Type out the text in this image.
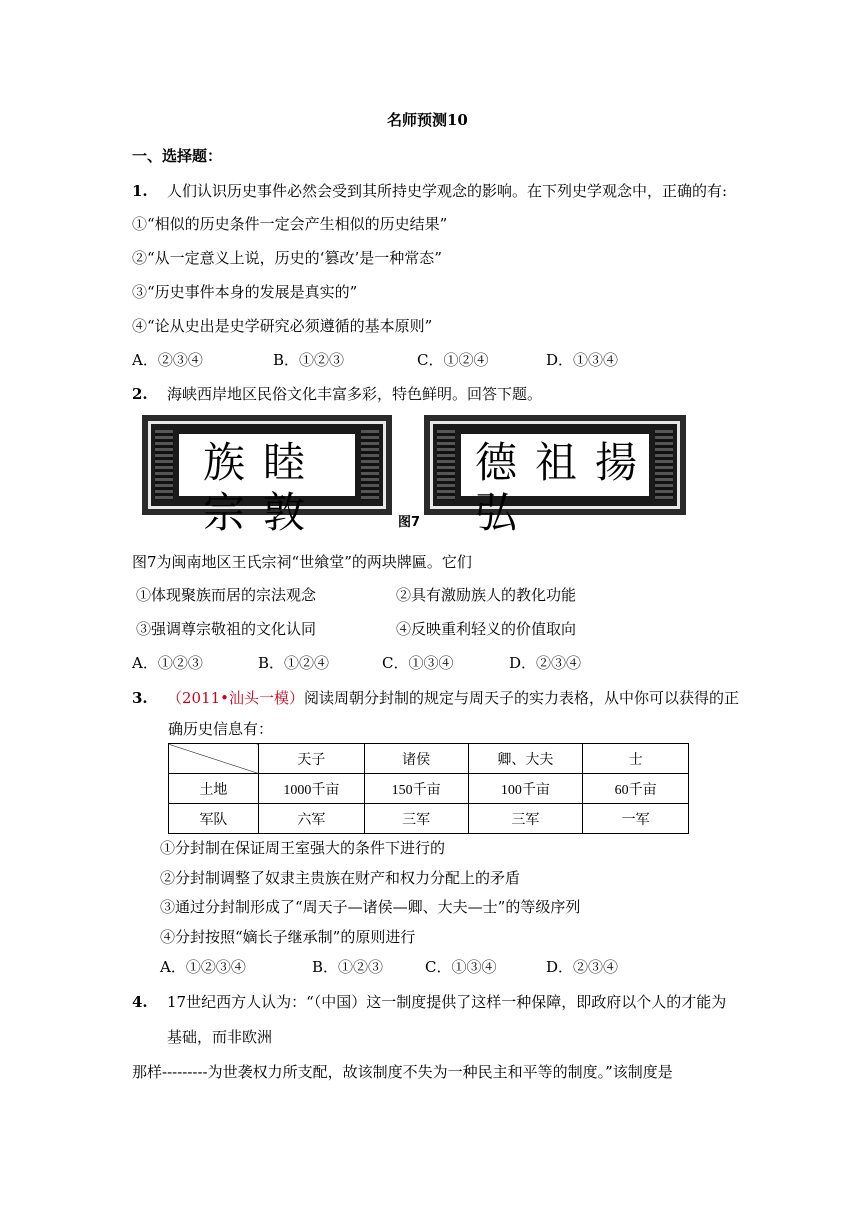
名师预测10
一、选择题：
1. 人们认识历史事件必然会受到其所持史学观念的影响。在下列史学观念中，正确的有:
①“相似的历史条件一定会产生相似的历史结果”
②“从一定意义上说，历史的‘篡改’是一种常态”
③“历史事件本身的发展是真实的”
④“论从史出是史学研究必须遵循的基本原则”
A．②③④	B．①②③	C．①②④	D．①③④
2. 海峡西岸地区民俗文化丰富多彩，特色鲜明。回答下题。
族睦宗敦
德祖揚弘
图7
图7为闽南地区王氏宗祠“世飨堂”的两块牌匾。它们
①体现聚族而居的宗法观念	②具有激励族人的教化功能
③强调尊宗敬祖的文化认同	④反映重利轻义的价值取向
A．①②③	B．①②④	C．①③④	D．②③④
3. （2011•汕头一模）阅读周朝分封制的规定与周天子的实力表格，从中你可以获得的正
确历史信息有：
	天子	诸侯	卿、大夫	士
土地	1000千亩	150千亩	100千亩	60千亩
军队	六军	三军	三军	一军
①分封制在保证周王室强大的条件下进行的
②分封制调整了奴隶主贵族在财产和权力分配上的矛盾
③通过分封制形成了“周天子—诸侯—卿、大夫—士”的等级序列
④分封按照“嫡长子继承制”的原则进行
A．①②③④	B．①②③	C．①③④	D．②③④
4. 17世纪西方人认为：“（中国）这一制度提供了这样一种保障，即政府以个人的才能为
基础，而非欧洲
那样---------为世袭权力所支配，故该制度不失为一种民主和平等的制度。”该制度是
